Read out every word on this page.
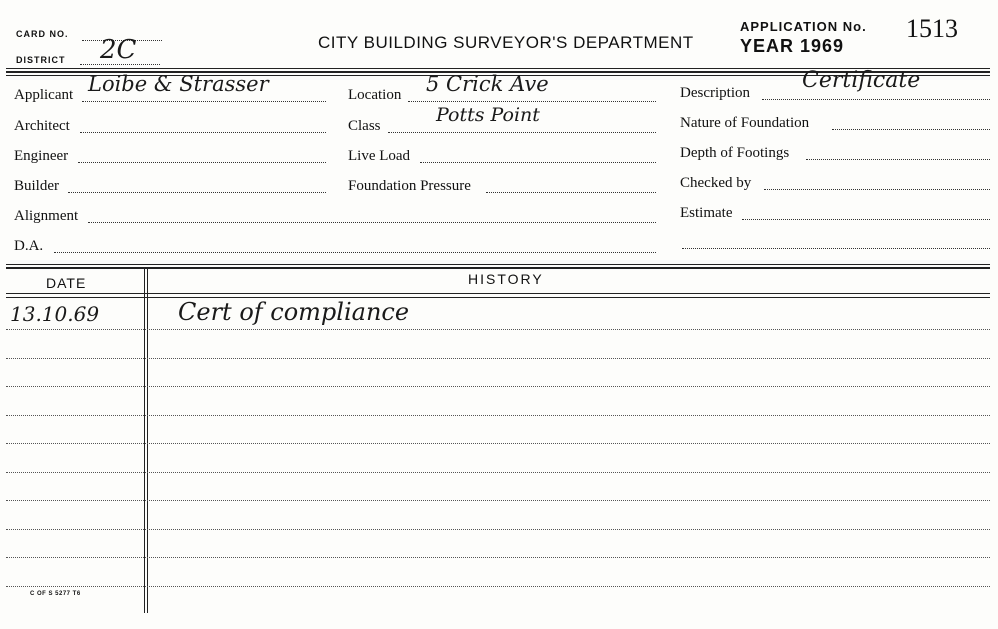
CARD NO.
DISTRICT 2C	CITY BUILDING SURVEYOR'S DEPARTMENT
APPLICATION No. 1513
YEAR 1969
Applicant Loibe & Strasser
Architect
Engineer
Builder
Alignment
D.A.
Location 5 Crick Ave
Class	Potts Point
Live Load
Foundation Pressure
Description Certificate
Nature of Foundation
Depth of Footings
Checked by
Estimate
DATE	HISTORY
13.10.69	Cert of compliance
C OF S 5277 T6
